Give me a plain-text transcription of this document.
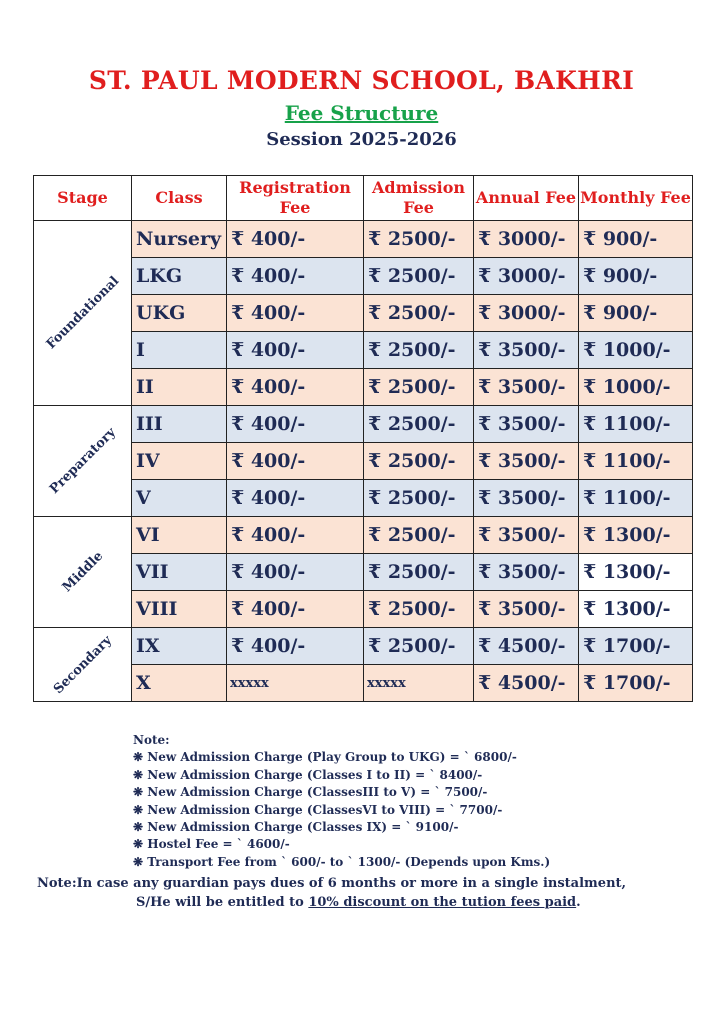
ST. PAUL MODERN SCHOOL, BAKHRI
Fee Structure
Session 2025-2026
Stage	Class	Registration Fee	Admission Fee	Annual Fee	Monthly Fee

Foundational	Nursery	₹ 400/-	₹ 2500/-	₹ 3000/-	₹ 900/-
	LKG	₹ 400/-	₹ 2500/-	₹ 3000/-	₹ 900/-
	UKG	₹ 400/-	₹ 2500/-	₹ 3000/-	₹ 900/-
	I	₹ 400/-	₹ 2500/-	₹ 3500/-	₹ 1000/-
	II	₹ 400/-	₹ 2500/-	₹ 3500/-	₹ 1000/-

Preparatory	III	₹ 400/-	₹ 2500/-	₹ 3500/-	₹ 1100/-
	IV	₹ 400/-	₹ 2500/-	₹ 3500/-	₹ 1100/-
	V	₹ 400/-	₹ 2500/-	₹ 3500/-	₹ 1100/-

Middle	VI	₹ 400/-	₹ 2500/-	₹ 3500/-	₹ 1300/-
	VII	₹ 400/-	₹ 2500/-	₹ 3500/-	₹ 1300/-
	VIII	₹ 400/-	₹ 2500/-	₹ 3500/-	₹ 1300/-

Secondary	IX	₹ 400/-	₹ 2500/-	₹ 4500/-	₹ 1700/-
	X	xxxxx	xxxxx	₹ 4500/-	₹ 1700/-
Note:
❋ New Admission Charge (Play Group to UKG) = ` 6800/-
❋ New Admission Charge (Classes I to II) = ` 8400/-
❋ New Admission Charge (ClassesIII to V) = ` 7500/-
❋ New Admission Charge (ClassesVI to VIII) = ` 7700/-
❋ New Admission Charge (Classes IX) = ` 9100/-
❋ Hostel Fee = ` 4600/-
❋ Transport Fee from ` 600/- to ` 1300/- (Depends upon Kms.)
Note:In case any guardian pays dues of 6 months or more in a single instalment,
S/He will be entitled to 10% discount on the tution fees paid.
